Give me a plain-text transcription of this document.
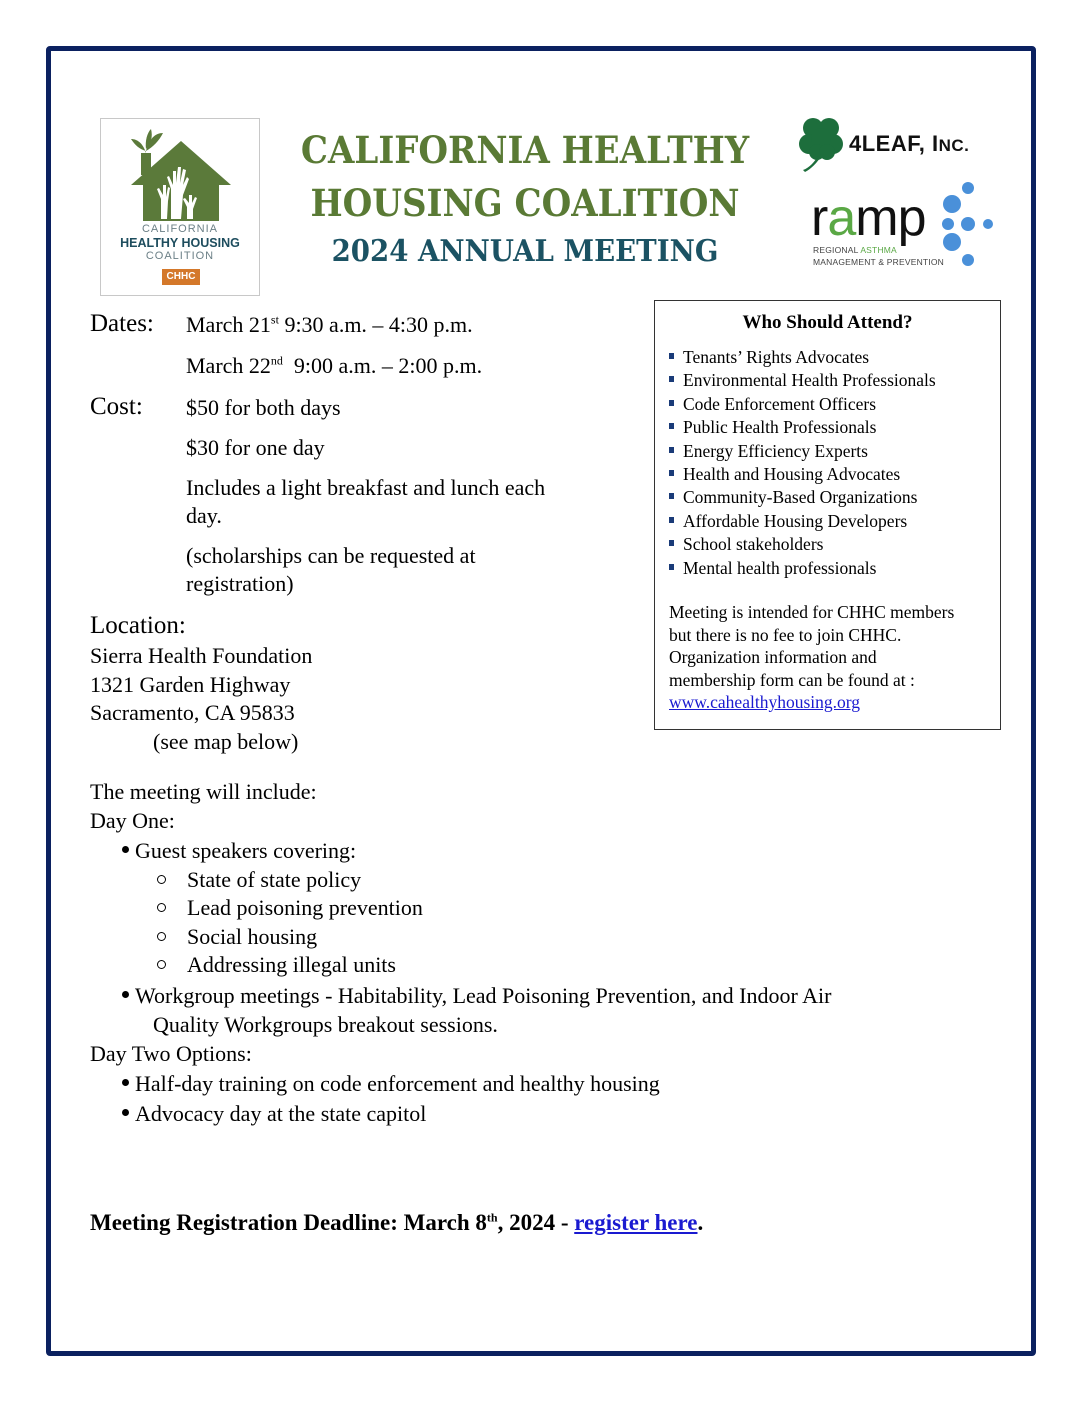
CALIFORNIA
HEALTHY HOUSING
COALITION
CHHC
CALIFORNIA HEALTHY
HOUSING COALITION
2024 ANNUAL MEETING
4LEAF, INC.
ramp
REGIONAL ASTHMA
MANAGEMENT & PREVENTION
Dates: March 21st 9:30 a.m. – 4:30 p.m.
March 22nd  9:00 a.m. – 2:00 p.m.
Cost: $50 for both days
$30 for one day
Includes a light breakfast and lunch each
day.
(scholarships can be requested at
registration)
Location:
Sierra Health Foundation
1321 Garden Highway
Sacramento, CA 95833
(see map below)
Who Should Attend?
Tenants’ Rights Advocates
Environmental Health Professionals
Code Enforcement Officers
Public Health Professionals
Energy Efficiency Experts
Health and Housing Advocates
Community-Based Organizations
Affordable Housing Developers
School stakeholders
Mental health professionals
Meeting is intended for CHHC members
but there is no fee to join CHHC.
Organization information and
membership form can be found at :
www.cahealthyhousing.org
The meeting will include:
Day One:
Guest speakers covering:
State of state policy
Lead poisoning prevention
Social housing
Addressing illegal units
Workgroup meetings - Habitability, Lead Poisoning Prevention, and Indoor Air
Quality Workgroups breakout sessions.
Day Two Options:
Half-day training on code enforcement and healthy housing
Advocacy day at the state capitol
Meeting Registration Deadline: March 8th, 2024 - register here.
